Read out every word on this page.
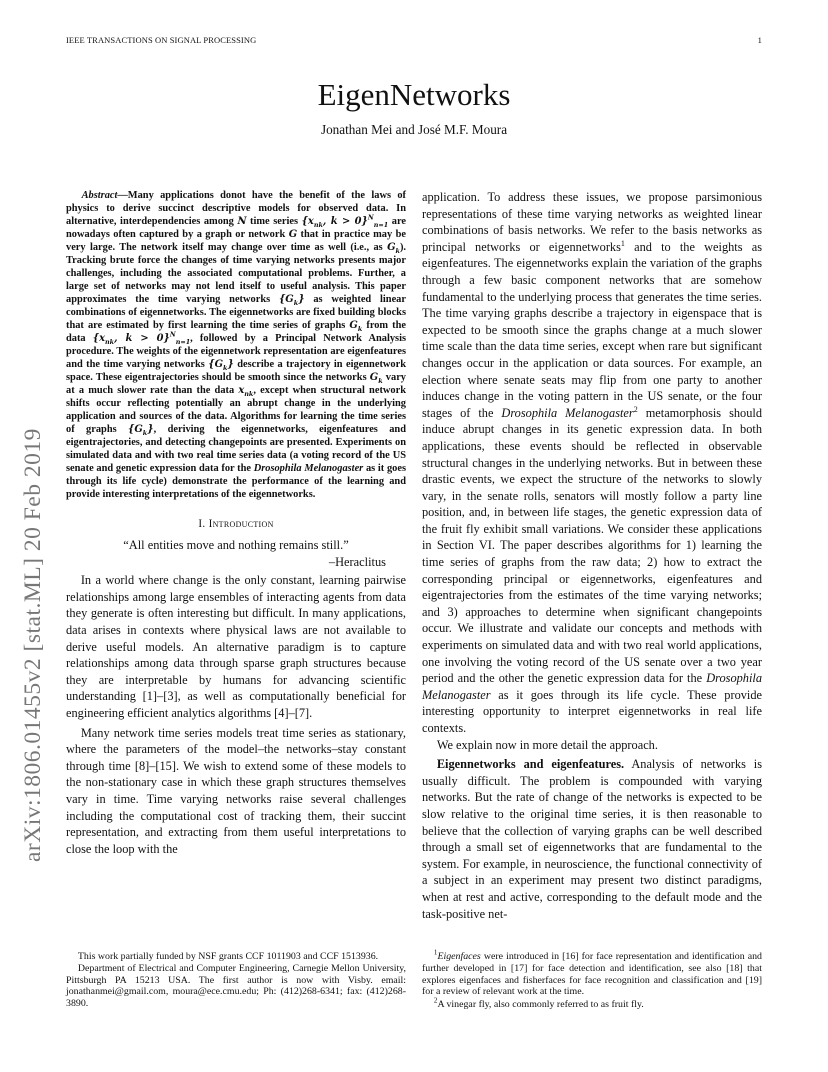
IEEE TRANSACTIONS ON SIGNAL PROCESSING	1
arXiv:1806.01455v2 [stat.ML] 20 Feb 2019
EigenNetworks
Jonathan Mei and José M.F. Moura

Abstract—Many applications donot have the benefit of the laws of physics to derive succinct descriptive models for observed data. In alternative, interdependencies among N time series {$x_{nk}$, k > 0}$^N_{n=1}$ are nowadays often captured by a graph or network G that in practice may be very large. The network itself may change over time as well (i.e., as $G_k$). Tracking brute force the changes of time varying networks presents major challenges, including the associated computational problems. Further, a large set of networks may not lend itself to useful analysis. This paper approximates the time varying networks $\{G_k\}$ as weighted linear combinations of eigennetworks. The eigennetworks are fixed building blocks that are estimated by first learning the time series of graphs $G_k$ from the data {$x_{nk}$, k > 0}$^N_{n=1}$, followed by a Principal Network Analysis procedure. The weights of the eigennetwork representation are eigenfeatures and the time varying networks $\{G_k\}$ describe a trajectory in eigennetwork space. These eigentrajectories should be smooth since the networks $G_k$ vary at a much slower rate than the data $x_{nk}$, except when structural network shifts occur reflecting potentially an abrupt change in the underlying application and sources of the data. Algorithms for learning the time series of graphs $\{G_k\}$, deriving the eigennetworks, eigenfeatures and eigentrajectories, and detecting changepoints are presented. Experiments on simulated data and with two real time series data (a voting record of the US senate and genetic expression data for the Drosophila Melanogaster as it goes through its life cycle) demonstrate the performance of the learning and provide interesting interpretations of the eigennetworks.

I. Introduction

“All entities move and nothing remains still.”

–Heraclitus

In a world where change is the only constant, learning pairwise relationships among large ensembles of interacting agents from data they generate is often interesting but difficult. In many applications, data arises in contexts where physical laws are not available to derive useful models. An alternative paradigm is to capture relationships among data through sparse graph structures because they are interpretable by humans for advancing scientific understanding [1]–[3], as well as computationally beneficial for engineering efficient analytics algorithms [4]–[7].

Many network time series models treat time series as stationary, where the parameters of the model–the networks–stay constant through time [8]–[15]. We wish to extend some of these models to the non-stationary case in which these graph structures themselves vary in time. Time varying networks raise several challenges including the computational cost of tracking them, their succint representation, and extracting from them useful interpretations to close the loop with the

application. To address these issues, we propose parsimonious representations of these time varying networks as weighted linear combinations of basis networks. We refer to the basis networks as principal networks or eigennetworks$^1$ and to the weights as eigenfeatures. The eigennetworks explain the variation of the graphs through a few basic component networks that are somehow fundamental to the underlying process that generates the time series. The time varying graphs describe a trajectory in eigenspace that is expected to be smooth since the graphs change at a much slower time scale than the data time series, except when rare but significant changes occur in the application or data sources. For example, an election where senate seats may flip from one party to another induces change in the voting pattern in the US senate, or the four stages of the Drosophila Melanogaster$^2$ metamorphosis should induce abrupt changes in its genetic expression data. In both applications, these events should be reflected in observable structural changes in the underlying networks. But in between these drastic events, we expect the structure of the networks to slowly vary, in the senate rolls, senators will mostly follow a party line position, and, in between life stages, the genetic expression data of the fruit fly exhibit small variations. We consider these applications in Section VI. The paper describes algorithms for 1) learning the time series of graphs from the raw data; 2) how to extract the corresponding principal or eigennetworks, eigenfeatures and eigentrajectories from the estimates of the time varying networks; and 3) approaches to determine when significant changepoints occur. We illustrate and validate our concepts and methods with experiments on simulated data and with two real world applications, one involving the voting record of the US senate over a two year period and the other the genetic expression data for the Drosophila Melanogaster as it goes through its life cycle. These provide interesting opportunity to interpret eigennetworks in real life contexts.

We explain now in more detail the approach.

Eigennetworks and eigenfeatures. Analysis of networks is usually difficult. The problem is compounded with varying networks. But the rate of change of the networks is expected to be slow relative to the original time series, it is then reasonable to believe that the collection of varying graphs can be well described through a small set of eigennetworks that are fundamental to the system. For example, in neuroscience, the functional connectivity of a subject in an experiment may present two distinct paradigms, when at rest and active, corresponding to the default mode and the task-positive net-

This work partially funded by NSF grants CCF 1011903 and CCF 1513936.

Department of Electrical and Computer Engineering, Carnegie Mellon University, Pittsburgh PA 15213 USA. The first author is now with Visby. email: jonathanmei@gmail.com, moura@ece.cmu.edu; Ph: (412)268-6341; fax: (412)268-3890.

$^1$Eigenfaces were introduced in [16] for face representation and identification and further developed in [17] for face detection and identification, see also [18] that explores eigenfaces and fisherfaces for face recognition and classification and [19] for a review of relevant work at the time.

$^2$A vinegar fly, also commonly referred to as fruit fly.
